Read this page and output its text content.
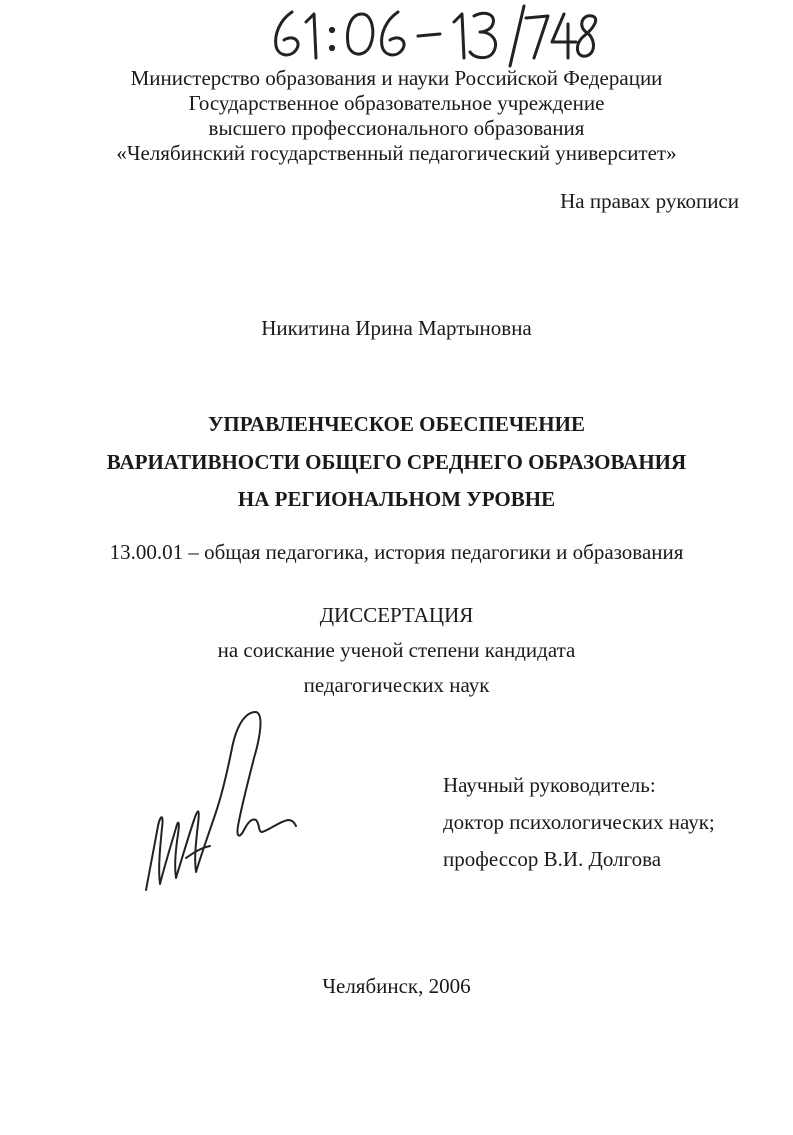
Министерство образования и науки Российской Федерации
Государственное образовательное учреждение
высшего профессионального образования
«Челябинский государственный педагогический университет»
На правах рукописи
Никитина Ирина Мартыновна
УПРАВЛЕНЧЕСКОЕ ОБЕСПЕЧЕНИЕ
ВАРИАТИВНОСТИ ОБЩЕГО СРЕДНЕГО ОБРАЗОВАНИЯ
НА РЕГИОНАЛЬНОМ УРОВНЕ
13.00.01 – общая педагогика, история педагогики и образования
ДИССЕРТАЦИЯ
на соискание ученой степени кандидата
педагогических наук
Научный руководитель:
доктор психологических наук;
профессор В.И. Долгова
Челябинск, 2006
